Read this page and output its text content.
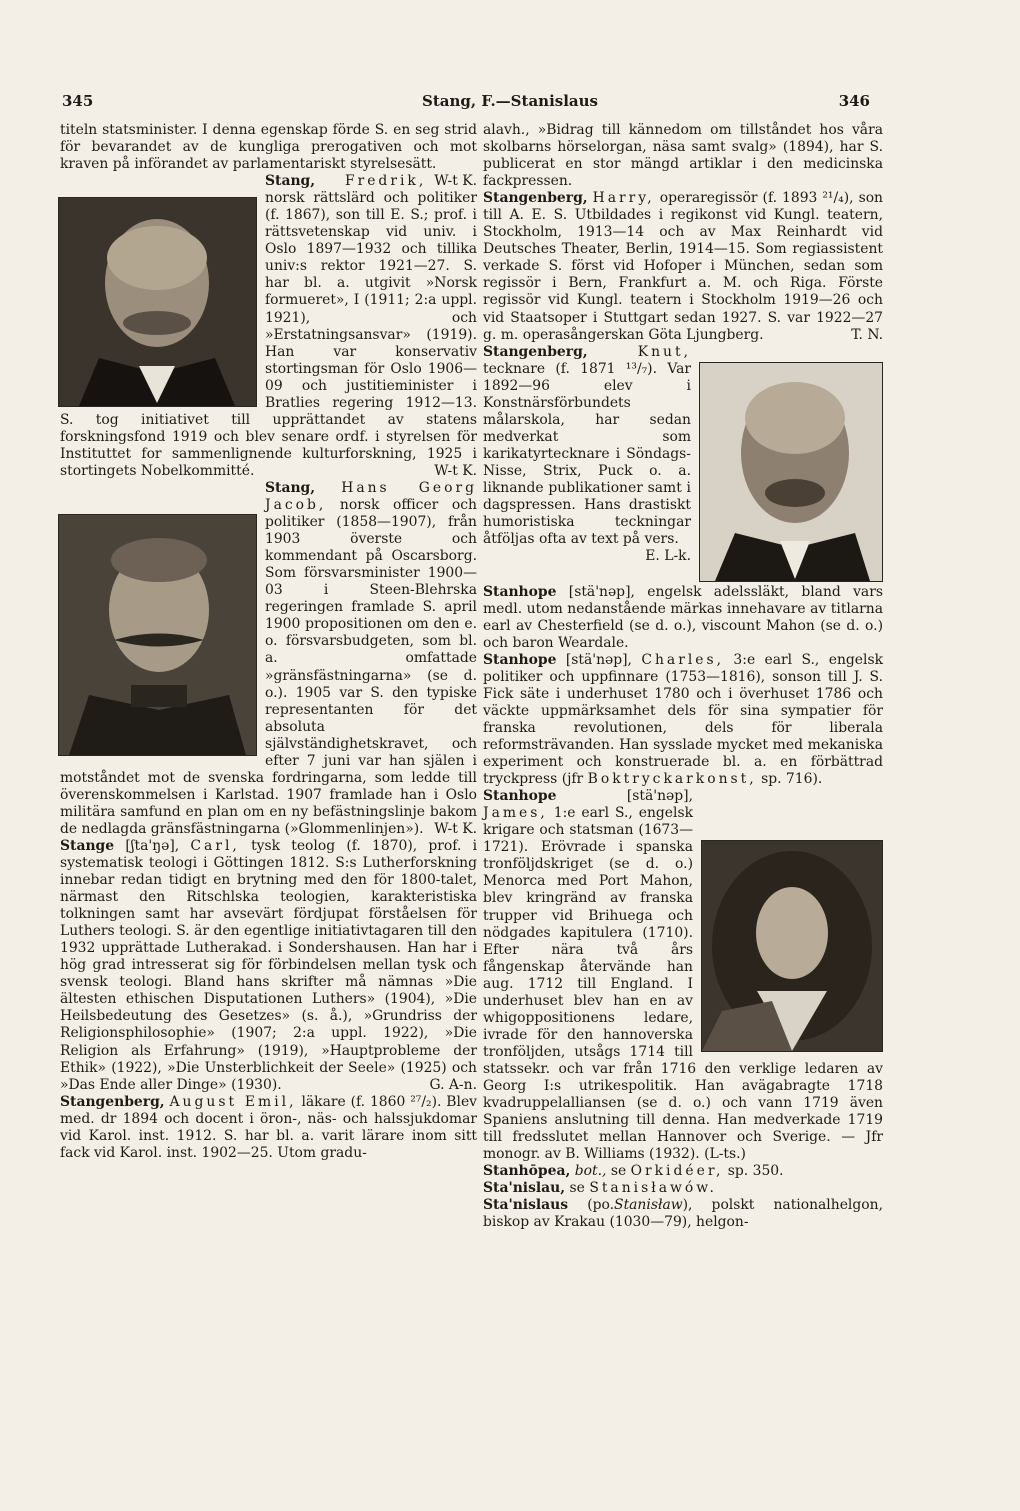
345	Stang, F.—Stanislaus	346

titeln statsminister. I denna egenskap förde S. en seg strid för bevarandet av de kungliga prerogativen och mot kraven på införandet av parlamentariskt styrelsesätt.
W-t K.

Stang, Fredrik, norsk rättslärd och politiker (f. 1867), son till E. S.; prof. i rättsvetenskap vid univ. i Oslo 1897—1932 och tillika univ:s rektor 1921—27. S. har bl. a. utgivit »Norsk formueret», I (1911; 2:a uppl. 1921), och »Erstatningsansvar» (1919). Han var konservativ stortingsman för Oslo 1906—09 och justitieminister i Bratlies regering 1912—13. S. tog initiativet till upprättandet av statens forskningsfond 1919 och blev senare ordf. i styrelsen för Instituttet for sammenlignende kulturforskning, 1925 i stortingets Nobelkommitté.	W-t K.

Stang, Hans Georg Jacob, norsk officer och politiker (1858—1907), från 1903 överste och kommendant på Oscarsborg. Som försvarsminister 1900—03 i Steen-Blehrska regeringen framlade S. april 1900 propositionen om den e. o. försvarsbudgeten, som bl. a. omfattade »gränsfästningarna» (se d. o.). 1905 var S. den typiske representanten för det absoluta självständighetskravet, och efter 7 juni var han själen i motståndet mot de svenska fordringarna, som ledde till överenskommelsen i Karlstad. 1907 framlade han i Oslo militära samfund en plan om en ny befästningslinje bakom de nedlagda gränsfästningarna (»Glommenlinjen»). W-t K.

Stange [ʃta'ŋə], Carl, tysk teolog (f. 1870), prof. i systematisk teologi i Göttingen 1812. S:s Lutherforskning innebar redan tidigt en brytning med den för 1800-talet, närmast den Ritschlska teologien, karakteristiska tolkningen samt har avsevärt fördjupat förståelsen för Luthers teologi. S. är den egentlige initiativtagaren till den 1932 upprättade Lutherakad. i Sondershausen. Han har i hög grad intresserat sig för förbindelsen mellan tysk och svensk teologi. Bland hans skrifter må nämnas »Die ältesten ethischen Disputationen Luthers» (1904), »Die Heilsbedeutung des Gesetzes» (s. å.), »Grundriss der Religionsphilosophie» (1907; 2:a uppl. 1922), »Die Religion als Erfahrung» (1919), »Hauptprobleme der Ethik» (1922), »Die Unsterblichkeit der Seele» (1925) och »Das Ende aller Dinge» (1930).	G. A-n.

Stangenberg, August Emil, läkare (f. 1860 ²⁷/₂). Blev med. dr 1894 och docent i öron-, näs- och halssjukdomar vid Karol. inst. 1912. S. har bl. a. varit lärare inom sitt fack vid Karol. inst. 1902—25. Utom gradu-

alavh., »Bidrag till kännedom om tillståndet hos våra skolbarns hörselorgan, näsa samt svalg» (1894), har S. publicerat en stor mängd artiklar i den medicinska fackpressen.

Stangenberg, Harry, operaregissör (f. 1893 ²¹/₄), son till A. E. S. Utbildades i regikonst vid Kungl. teatern, Stockholm, 1913—14 och av Max Reinhardt vid Deutsches Theater, Berlin, 1914—15. Som regiassistent verkade S. först vid Hofoper i München, sedan som regissör i Bern, Frankfurt a. M. och Riga. Förste regissör vid Kungl. teatern i Stockholm 1919—26 och vid Staatsoper i Stuttgart sedan 1927. S. var 1922—27 g. m. operasångerskan Göta Ljungberg.	T. N.

Stangenberg,	Knut, tecknare (f. 1871 ¹³/₇). Var 1892—96 elev i Konstnärsförbundets målarskola, har sedan medverkat som karikatyrtecknare i Söndags-Nisse, Strix, Puck o. a. liknande publikationer samt i dagspressen. Hans drastiskt humoristiska teckningar åtföljas ofta av text på vers.
E. L-k.

Stanhope [stä'nəp], engelsk adelssläkt, bland vars medl. utom nedanstående märkas innehavare av titlarna earl av Chesterfield (se d. o.), viscount Mahon (se d. o.) och baron Weardale.

Stanhope [stä'nəp], Charles, 3:e earl S., engelsk politiker och uppfinnare (1753—1816), sonson till J. S. Fick säte i underhuset 1780 och i överhuset 1786 och väckte uppmärksamhet dels för sina sympatier för franska revolutionen, dels för liberala reformsträvanden. Han sysslade mycket med mekaniska experiment och konstruerade bl. a. en förbättrad tryckpress (jfr Boktryckarkonst, sp. 716).

Stanhope	[stä'nəp], James, 1:e earl S., engelsk krigare och statsman (1673—1721). Erövrade i spanska tronföljdskriget (se d. o.) Menorca med Port Mahon, blev kringränd av franska trupper vid Brihuega och nödgades kapitulera (1710). Efter nära två års fångenskap återvände han aug. 1712 till England. I underhuset blev han en av whigoppositionens ledare, ivrade för den hannoverska tronföljden, utsågs 1714 till statssekr. och var från 1716 den verklige ledaren av Georg I:s utrikespolitik. Han avägabragte 1718 kvadruppelalliansen (se d. o.) och vann 1719 även Spaniens anslutning till denna. Han medverkade 1719 till fredsslutet mellan Hannover och Sverige. — Jfr monogr. av B. Williams (1932). (L-ts.)

Stanhōpea, bot., se Orkidéer, sp. 350.

Sta'nislau, se Stanisławów.

Sta'nislaus (po.Stanisław), polskt nationalhelgon, biskop av Krakau (1030—79), helgon-
